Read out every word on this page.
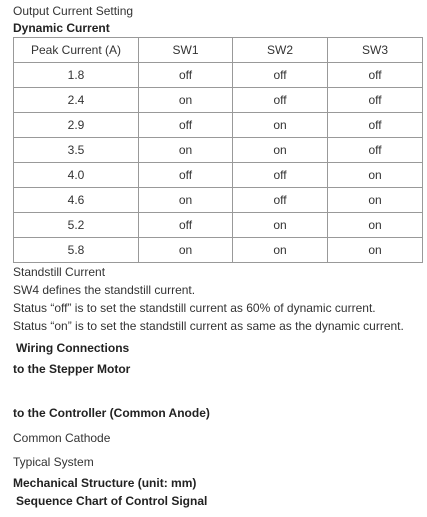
Output Current Setting
Dynamic Current
Peak Current (A)	SW1	SW2	SW3
1.8	off	off	off
2.4	on	off	off
2.9	off	on	off
3.5	on	on	off
4.0	off	off	on
4.6	on	off	on
5.2	off	on	on
5.8	on	on	on
Standstill Current
SW4 defines the standstill current.
Status “off” is to set the standstill current as 60% of dynamic current.
Status “on” is to set the standstill current as same as the dynamic current.
Wiring Connections
to the Stepper Motor
to the Controller (Common Anode)
Common Cathode
Typical System
Mechanical Structure (unit: mm)
Sequence Chart of Control Signal
